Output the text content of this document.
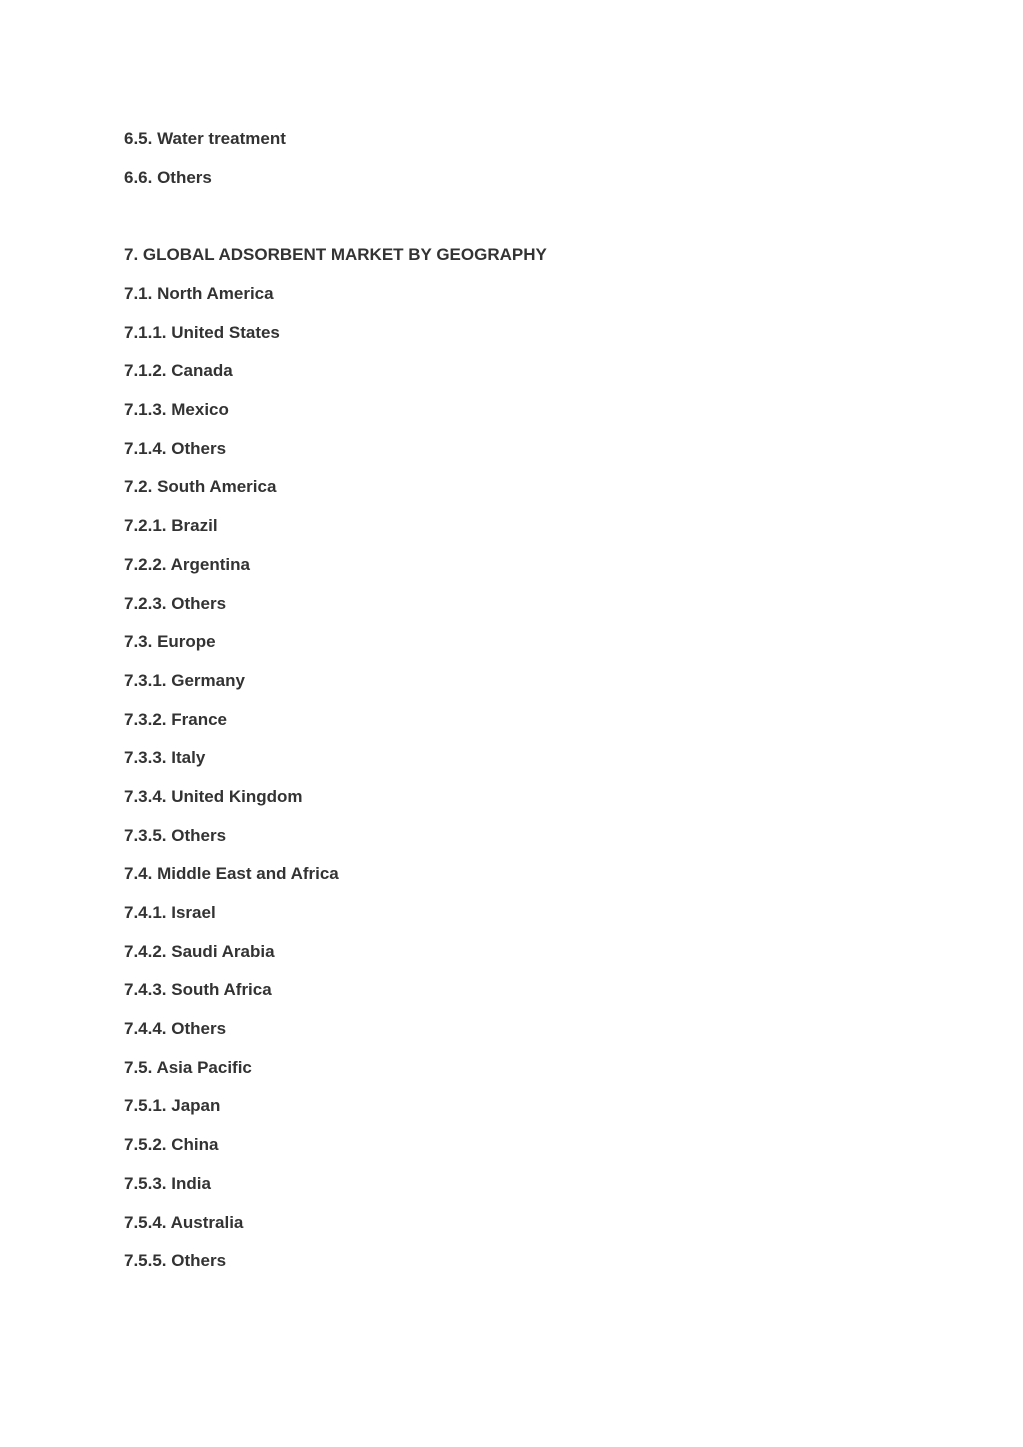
6.5. Water treatment
6.6. Others
7. GLOBAL ADSORBENT MARKET BY GEOGRAPHY
7.1. North America
7.1.1. United States
7.1.2. Canada
7.1.3. Mexico
7.1.4. Others
7.2. South America
7.2.1. Brazil
7.2.2. Argentina
7.2.3. Others
7.3. Europe
7.3.1. Germany
7.3.2. France
7.3.3. Italy
7.3.4. United Kingdom
7.3.5. Others
7.4. Middle East and Africa
7.4.1. Israel
7.4.2. Saudi Arabia
7.4.3. South Africa
7.4.4. Others
7.5. Asia Pacific
7.5.1. Japan
7.5.2. China
7.5.3. India
7.5.4. Australia
7.5.5. Others
